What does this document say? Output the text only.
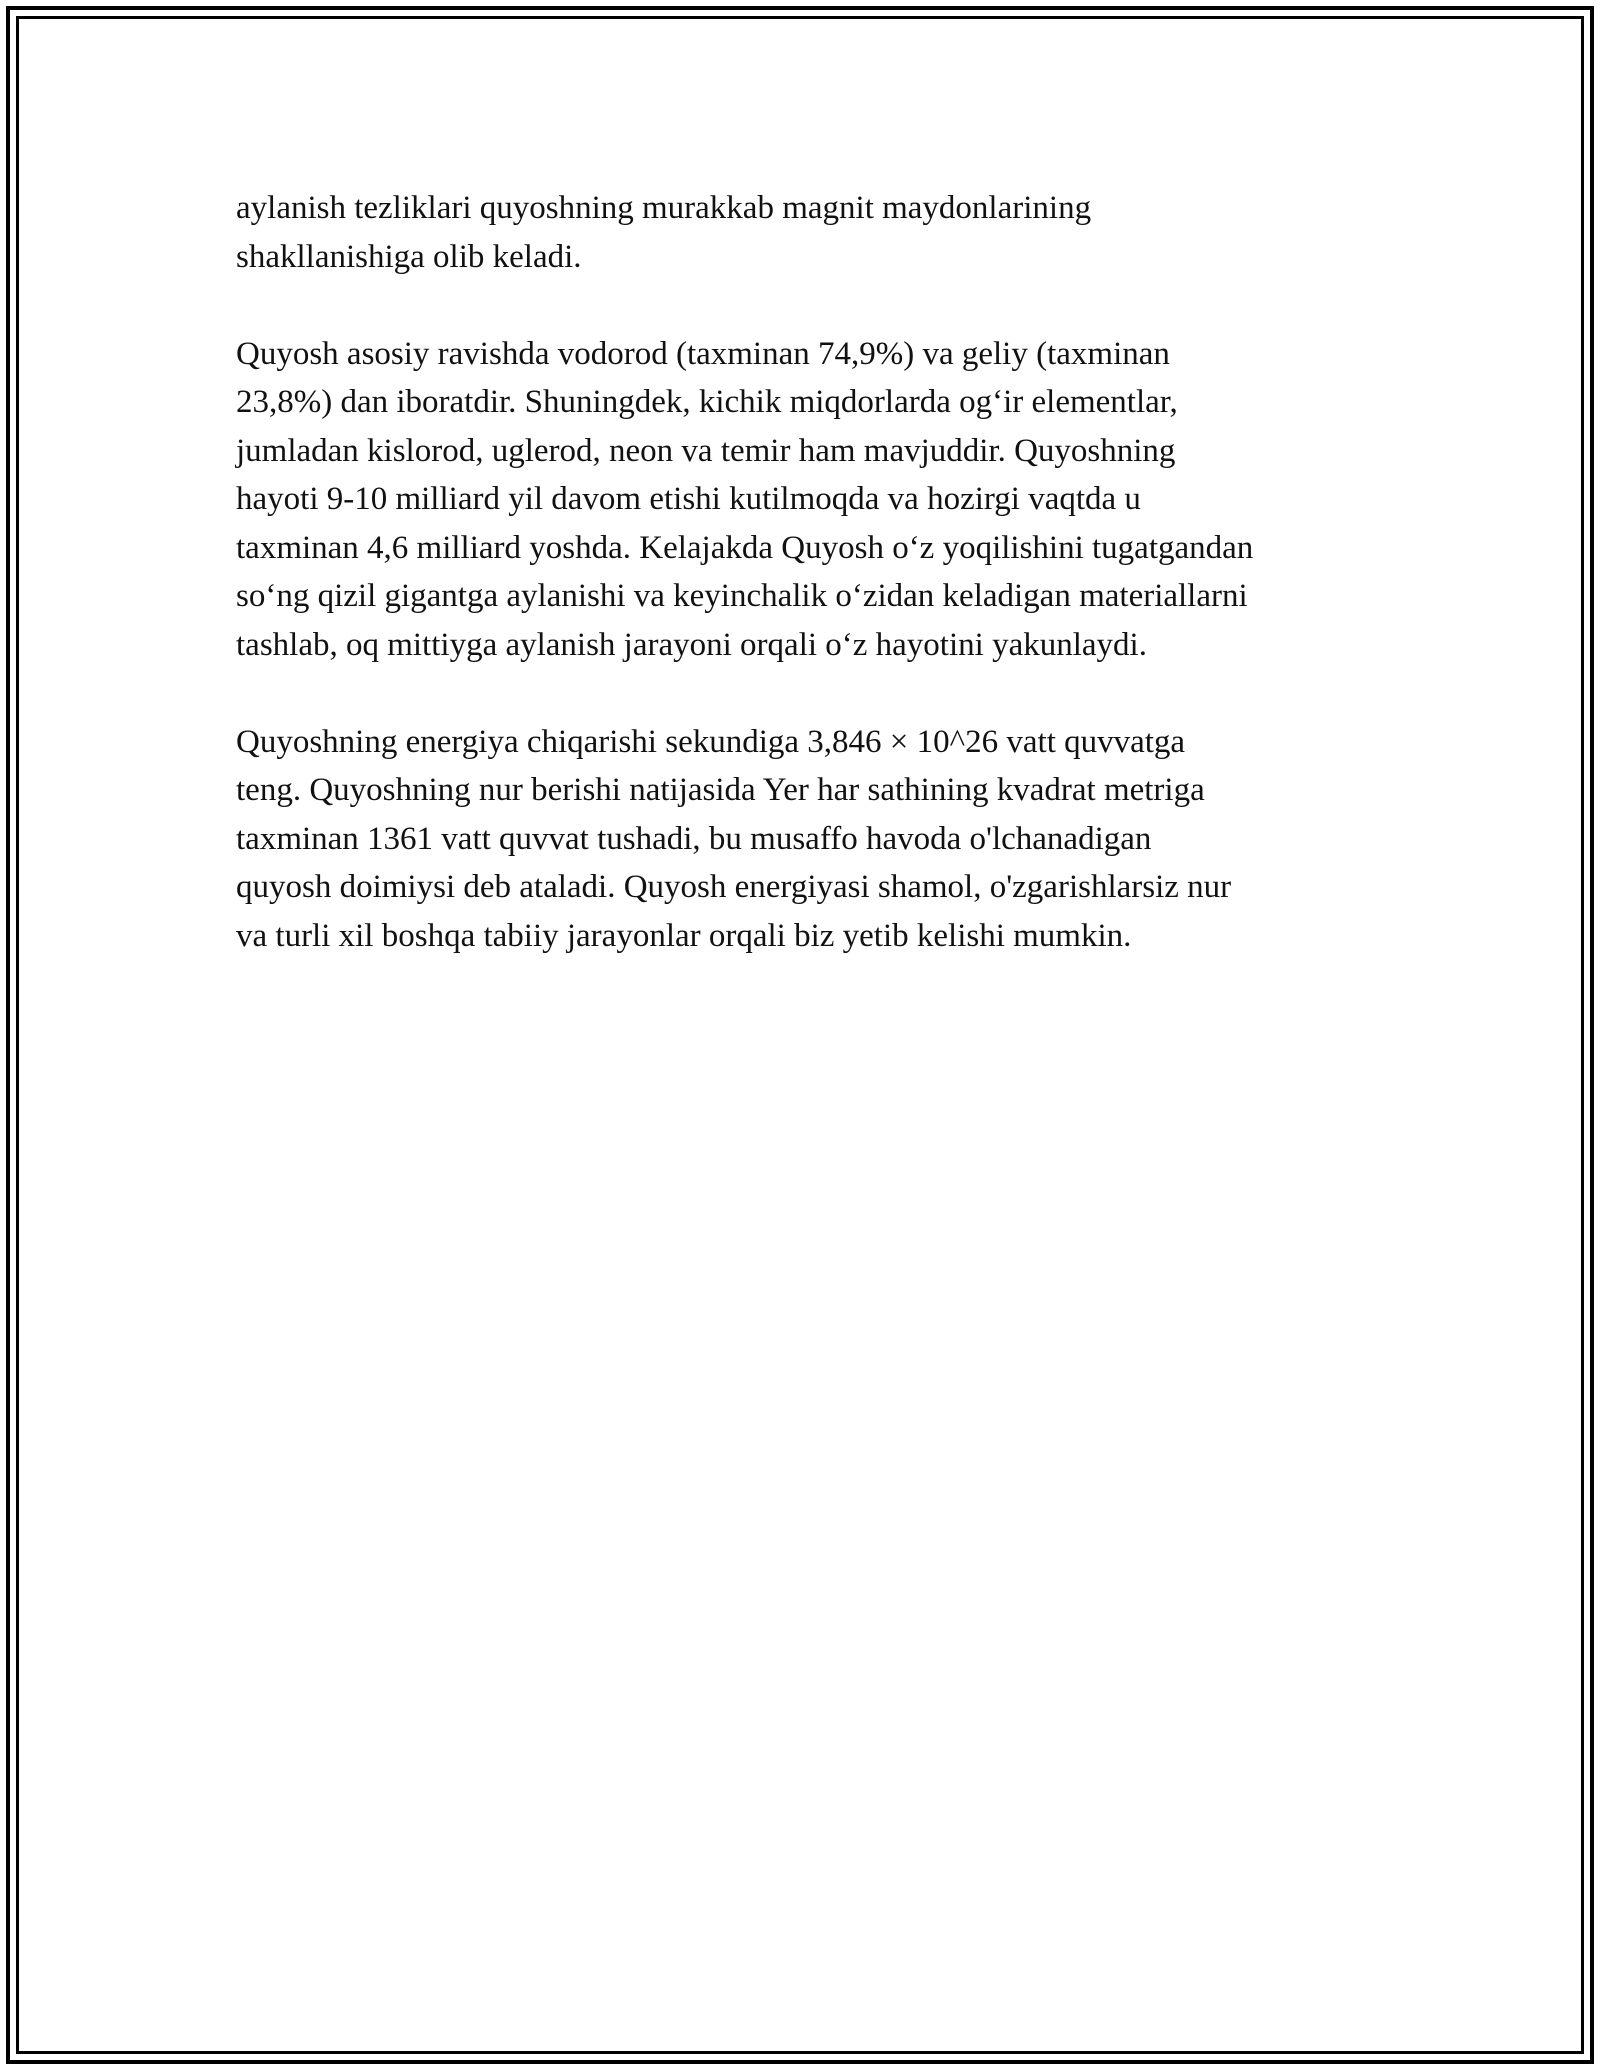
aylanish tezliklari quyoshning murakkab magnit maydonlarining
shakllanishiga olib keladi.

Quyosh asosiy ravishda vodorod (taxminan 74,9%) va geliy (taxminan
23,8%) dan iboratdir. Shuningdek, kichik miqdorlarda og‘ir elementlar,
jumladan kislorod, uglerod, neon va temir ham mavjuddir. Quyoshning
hayoti 9-10 milliard yil davom etishi kutilmoqda va hozirgi vaqtda u
taxminan 4,6 milliard yoshda. Kelajakda Quyosh o‘z yoqilishini tugatgandan
so‘ng qizil gigantga aylanishi va keyinchalik o‘zidan keladigan materiallarni
tashlab, oq mittiyga aylanish jarayoni orqali o‘z hayotini yakunlaydi.

Quyoshning energiya chiqarishi sekundiga 3,846 × 10^26 vatt quvvatga
teng. Quyoshning nur berishi natijasida Yer har sathining kvadrat metriga
taxminan 1361 vatt quvvat tushadi, bu musaffo havoda o'lchanadigan
quyosh doimiysi deb ataladi. Quyosh energiyasi shamol, o'zgarishlarsiz nur
va turli xil boshqa tabiiy jarayonlar orqali biz yetib kelishi mumkin.
